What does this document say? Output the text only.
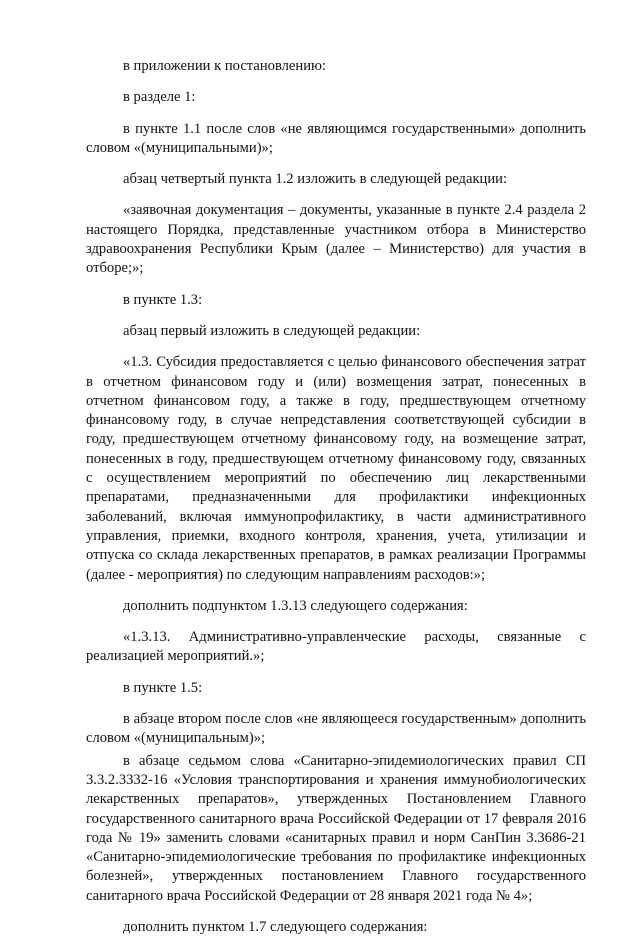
в приложении к постановлению:

в разделе 1:

в пункте 1.1 после слов «не являющимся государственными» дополнить словом «(муниципальными)»;

абзац четвертый пункта 1.2 изложить в следующей редакции:

«заявочная документация – документы, указанные в пункте 2.4 раздела 2 настоящего Порядка, представленные участником отбора в Министерство здравоохранения Республики Крым (далее – Министерство) для участия в отборе;»;

в пункте 1.3:

абзац первый изложить в следующей редакции:

«1.3. Субсидия предоставляется с целью финансового обеспечения затрат в отчетном финансовом году и (или) возмещения затрат, понесенных в отчетном финансовом году, а также в году, предшествующем отчетному финансовому году, в случае непредставления соответствующей субсидии в году, предшествующем отчетному финансовому году, на возмещение затрат, понесенных в году, предшествующем отчетному финансовому году, связанных с осуществлением мероприятий по обеспечению лиц лекарственными препаратами, предназначенными для профилактики инфекционных заболеваний, включая иммунопрофилактику, в части административного управления, приемки, входного контроля, хранения, учета, утилизации и отпуска со склада лекарственных препаратов, в рамках реализации Программы (далее - мероприятия) по следующим направлениям расходов:»;

дополнить подпунктом 1.3.13 следующего содержания:

«1.3.13. Административно-управленческие расходы, связанные с реализацией мероприятий.»;

в пункте 1.5:

в абзаце втором после слов «не являющееся государственным» дополнить словом «(муниципальным)»;

в абзаце седьмом слова «Санитарно-эпидемиологических правил СП 3.3.2.3332-16 «Условия транспортирования и хранения иммунобиологических лекарственных препаратов», утвержденных Постановлением Главного государственного санитарного врача Российской Федерации от 17 февраля 2016 года № 19» заменить словами «санитарных правил и норм СанПин 3.3686-21 «Санитарно-эпидемиологические требования по профилактике инфекционных болезней», утвержденных постановлением Главного государственного санитарного врача Российской Федерации от 28 января 2021 года № 4»;

дополнить пунктом 1.7 следующего содержания:
